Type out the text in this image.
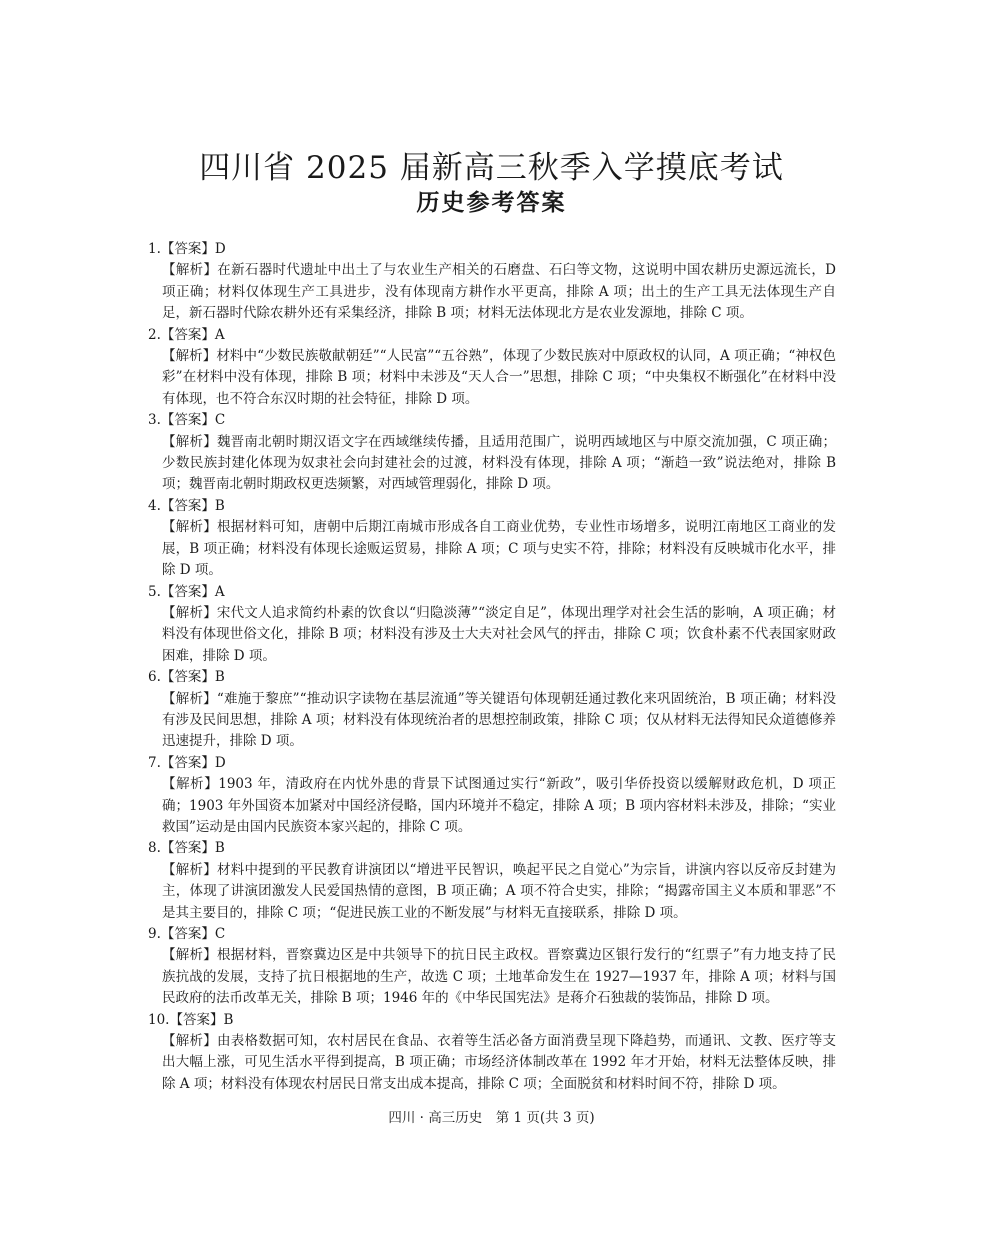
四川省 2025 届新高三秋季入学摸底考试
历史参考答案

1.【答案】D

【解析】在新石器时代遗址中出土了与农业生产相关的石磨盘、石臼等文物，这说明中国农耕历史源远流长，D 项正确；材料仅体现生产工具进步，没有体现南方耕作水平更高，排除 A 项；出土的生产工具无法体现生产自足，新石器时代除农耕外还有采集经济，排除 B 项；材料无法体现北方是农业发源地，排除 C 项。

2.【答案】A

【解析】材料中“少数民族敬献朝廷”“人民富”“五谷熟”，体现了少数民族对中原政权的认同，A 项正确；“神权色彩”在材料中没有体现，排除 B 项；材料中未涉及“天人合一”思想，排除 C 项；“中央集权不断强化”在材料中没有体现，也不符合东汉时期的社会特征，排除 D 项。

3.【答案】C

【解析】魏晋南北朝时期汉语文字在西域继续传播，且适用范围广，说明西域地区与中原交流加强，C 项正确；少数民族封建化体现为奴隶社会向封建社会的过渡，材料没有体现，排除 A 项；“渐趋一致”说法绝对，排除 B 项；魏晋南北朝时期政权更迭频繁，对西域管理弱化，排除 D 项。

4.【答案】B

【解析】根据材料可知，唐朝中后期江南城市形成各自工商业优势，专业性市场增多，说明江南地区工商业的发展，B 项正确；材料没有体现长途贩运贸易，排除 A 项；C 项与史实不符，排除；材料没有反映城市化水平，排除 D 项。

5.【答案】A

【解析】宋代文人追求简约朴素的饮食以“归隐淡薄”“淡定自足”，体现出理学对社会生活的影响，A 项正确；材料没有体现世俗文化，排除 B 项；材料没有涉及士大夫对社会风气的抨击，排除 C 项；饮食朴素不代表国家财政困难，排除 D 项。

6.【答案】B

【解析】“难施于黎庶”“推动识字读物在基层流通”等关键语句体现朝廷通过教化来巩固统治，B 项正确；材料没有涉及民间思想，排除 A 项；材料没有体现统治者的思想控制政策，排除 C 项；仅从材料无法得知民众道德修养迅速提升，排除 D 项。

7.【答案】D

【解析】1903 年，清政府在内忧外患的背景下试图通过实行“新政”，吸引华侨投资以缓解财政危机，D 项正确；1903 年外国资本加紧对中国经济侵略，国内环境并不稳定，排除 A 项；B 项内容材料未涉及，排除；“实业救国”运动是由国内民族资本家兴起的，排除 C 项。

8.【答案】B

【解析】材料中提到的平民教育讲演团以“增进平民智识，唤起平民之自觉心”为宗旨，讲演内容以反帝反封建为主，体现了讲演团激发人民爱国热情的意图，B 项正确；A 项不符合史实，排除；“揭露帝国主义本质和罪恶”不是其主要目的，排除 C 项；“促进民族工业的不断发展”与材料无直接联系，排除 D 项。

9.【答案】C

【解析】根据材料，晋察冀边区是中共领导下的抗日民主政权。晋察冀边区银行发行的“红票子”有力地支持了民族抗战的发展，支持了抗日根据地的生产，故选 C 项；土地革命发生在 1927—1937 年，排除 A 项；材料与国民政府的法币改革无关，排除 B 项；1946 年的《中华民国宪法》是蒋介石独裁的装饰品，排除 D 项。

10.【答案】B

【解析】由表格数据可知，农村居民在食品、衣着等生活必备方面消费呈现下降趋势，而通讯、文教、医疗等支出大幅上涨，可见生活水平得到提高，B 项正确；市场经济体制改革在 1992 年才开始，材料无法整体反映，排除 A 项；材料没有体现农村居民日常支出成本提高，排除 C 项；全面脱贫和材料时间不符，排除 D 项。

四川 · 高三历史　第 1 页(共 3 页)
